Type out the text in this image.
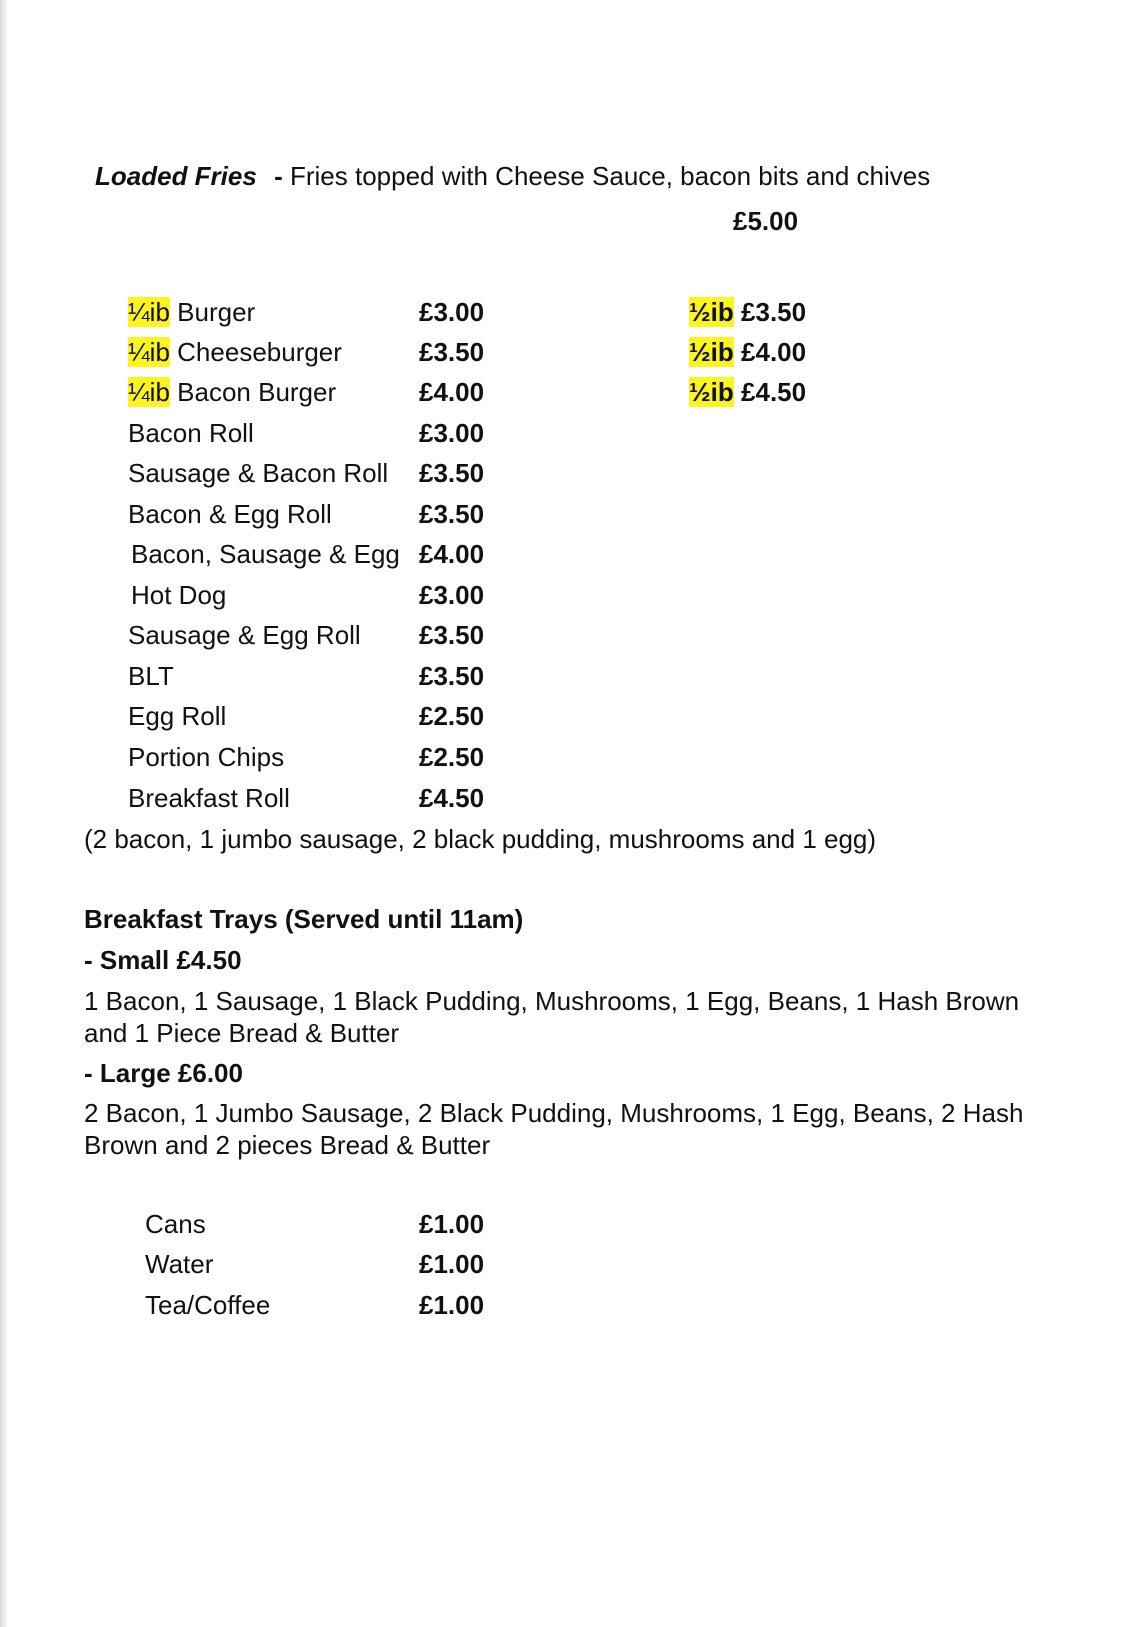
Loaded Fries - Fries topped with Cheese Sauce, bacon bits and chives
£5.00
¼ib Burger	£3.00	½ib £3.50
¼ib Cheeseburger	£3.50	½ib £4.00
¼ib Bacon Burger	£4.00	½ib £4.50
Bacon Roll	£3.00
Sausage & Bacon Roll £3.50
Bacon & Egg Roll	£3.50
Bacon, Sausage & Egg £4.00
Hot Dog	£3.00
Sausage & Egg Roll £3.50
BLT	£3.50
Egg Roll	£2.50
Portion Chips	£2.50
Breakfast Roll	£4.50
(2 bacon, 1 jumbo sausage, 2 black pudding, mushrooms and 1 egg)
Breakfast Trays (Served until 11am)
- Small £4.50
1 Bacon, 1 Sausage, 1 Black Pudding, Mushrooms, 1 Egg, Beans, 1 Hash Brown
and 1 Piece Bread & Butter
- Large £6.00
2 Bacon, 1 Jumbo Sausage, 2 Black Pudding, Mushrooms, 1 Egg, Beans, 2 Hash
Brown and 2 pieces Bread & Butter
Cans	£1.00
Water	£1.00
Tea/Coffee	£1.00
